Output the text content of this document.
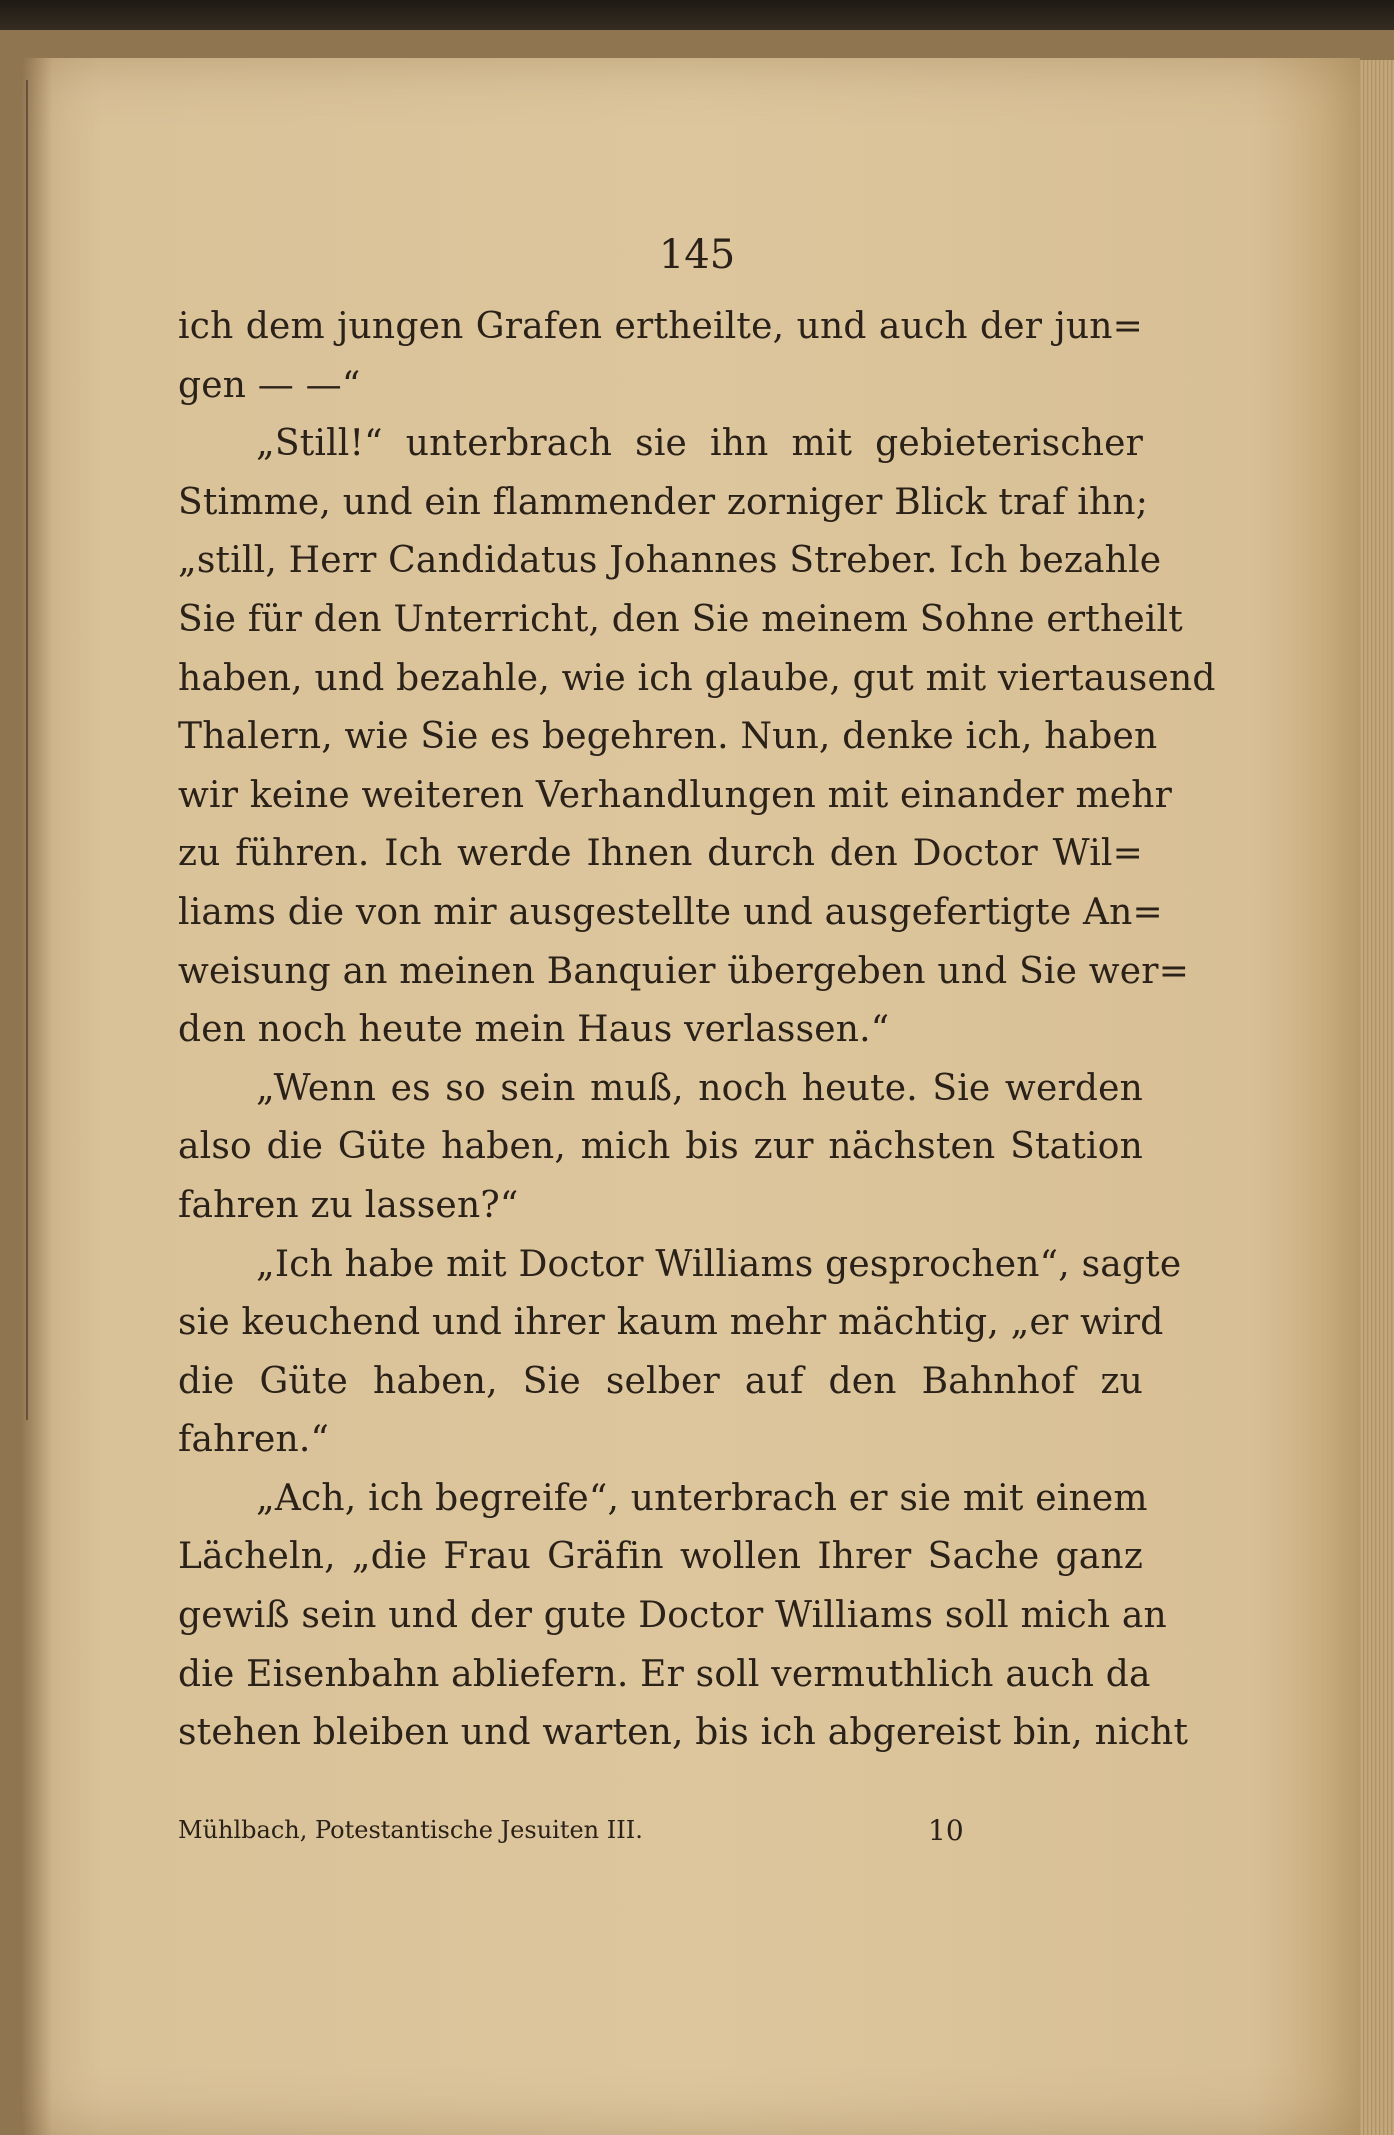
145
ich dem jungen Grafen ertheilte, und auch der jun=
gen — —“
„Still!“ unterbrach sie ihn mit gebieterischer
Stimme, und ein flammender zorniger Blick traf ihn;
„still, Herr Candidatus Johannes Streber. Ich bezahle
Sie für den Unterricht, den Sie meinem Sohne ertheilt
haben, und bezahle, wie ich glaube, gut mit viertausend
Thalern, wie Sie es begehren. Nun, denke ich, haben
wir keine weiteren Verhandlungen mit einander mehr
zu führen. Ich werde Ihnen durch den Doctor Wil=
liams die von mir ausgestellte und ausgefertigte An=
weisung an meinen Banquier übergeben und Sie wer=
den noch heute mein Haus verlassen.“
„Wenn es so sein muß, noch heute. Sie werden
also die Güte haben, mich bis zur nächsten Station
fahren zu lassen?“
„Ich habe mit Doctor Williams gesprochen“, sagte
sie keuchend und ihrer kaum mehr mächtig, „er wird
die Güte haben, Sie selber auf den Bahnhof zu
fahren.“
„Ach, ich begreife“, unterbrach er sie mit einem
Lächeln, „die Frau Gräfin wollen Ihrer Sache ganz
gewiß sein und der gute Doctor Williams soll mich an
die Eisenbahn abliefern. Er soll vermuthlich auch da
stehen bleiben und warten, bis ich abgereist bin, nicht
Mühlbach, Potestantische Jesuiten III.	10
